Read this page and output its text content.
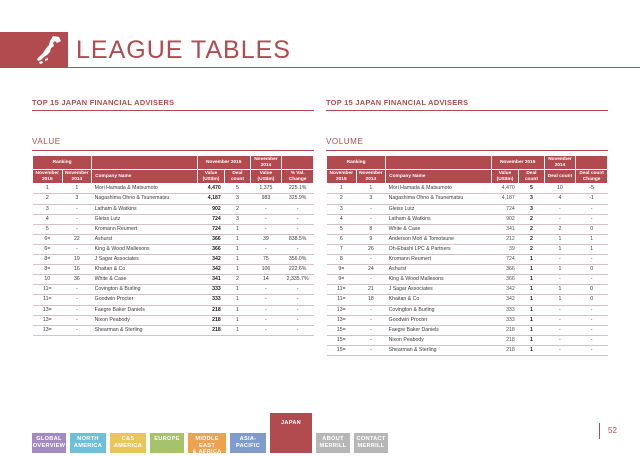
LEAGUE TABLES
TOP 15 JAPAN FINANCIAL ADVISERS
VALUE
Ranking			November 2015		November 2014	
November 2015	November 2014	Company Name	Value (US$m)	Deal count	Value (US$m)	% Val. Change
1	1	Mori Hamada & Matsumoto	4,470	5	1,375	225.1%
2	3	Nagashima Ohno & Tsunematsu	4,187	3	983	325.9%
3	-	Latham & Watkins	902	2	-	-
4	-	Gleiss Lutz	724	3	-	-
5	-	Kromann Reumert	724	1	-	-
6=	22	Ashurst	366	1	39	838.5%
6=	-	King & Wood Mallesons	366	1	-	-
8=	19	J Sagar Associates	342	1	75	356.0%
8=	16	Khaitan & Co	342	1	106	222.6%
10	36	White & Case	341	2	14	2,335.7%
11=	-	Covington & Burling	333	1	-	-
11=	-	Goodwin Procter	333	1	-	-
13=	-	Faegre Baker Daniels	218	1	-	-
13=	-	Nixon Peabody	218	1	-	-
13=	-	Shearman & Sterling	218	1	-	-
TOP 15 JAPAN FINANCIAL ADVISERS
VOLUME
Ranking			November 2015		November 2014	
November 2015	November 2014	Company Name	Value (US$m)	Deal count	Deal count	Deal count Change
1	1	Mori Hamada & Matsumoto	4,470	5	10	-5
2	3	Nagashima Ohno & Tsunematsu	4,187	3	4	-1
3	-	Gleiss Lutz	724	3	-	-
4	-	Latham & Watkins	902	2	-	-
5	8	White & Case	341	2	2	0
6	9	Anderson Mori & Tomotsune	212	2	1	1
7	26	Oh-Ebashi LPC & Partners	39	2	1	1
8	-	Kromann Reumert	724	1	-	-
9=	24	Ashurst	366	1	1	0
9=	-	King & Wood Mallesons	366	1	-	-
11=	21	J Sagar Associates	342	1	1	0
11=	18	Khaitan & Co	342	1	1	0
13=	-	Covington & Burling	333	1	-	-
13=	-	Goodwin Procter	333	1	-	-
15=	-	Faegre Baker Daniels	218	1	-	-
15=	-	Nixon Peabody	218	1	-	-
15=	-	Shearman & Sterling	218	1	-	-
52
GLOBAL
OVERVIEW
NORTH
AMERICA
C&S
AMERICA
EUROPE	MIDDLE EAST
& AFRICA
ASIA-
PACIFIC
JAPAN
ABOUT
MERRILL
CONTACT
MERRILL
